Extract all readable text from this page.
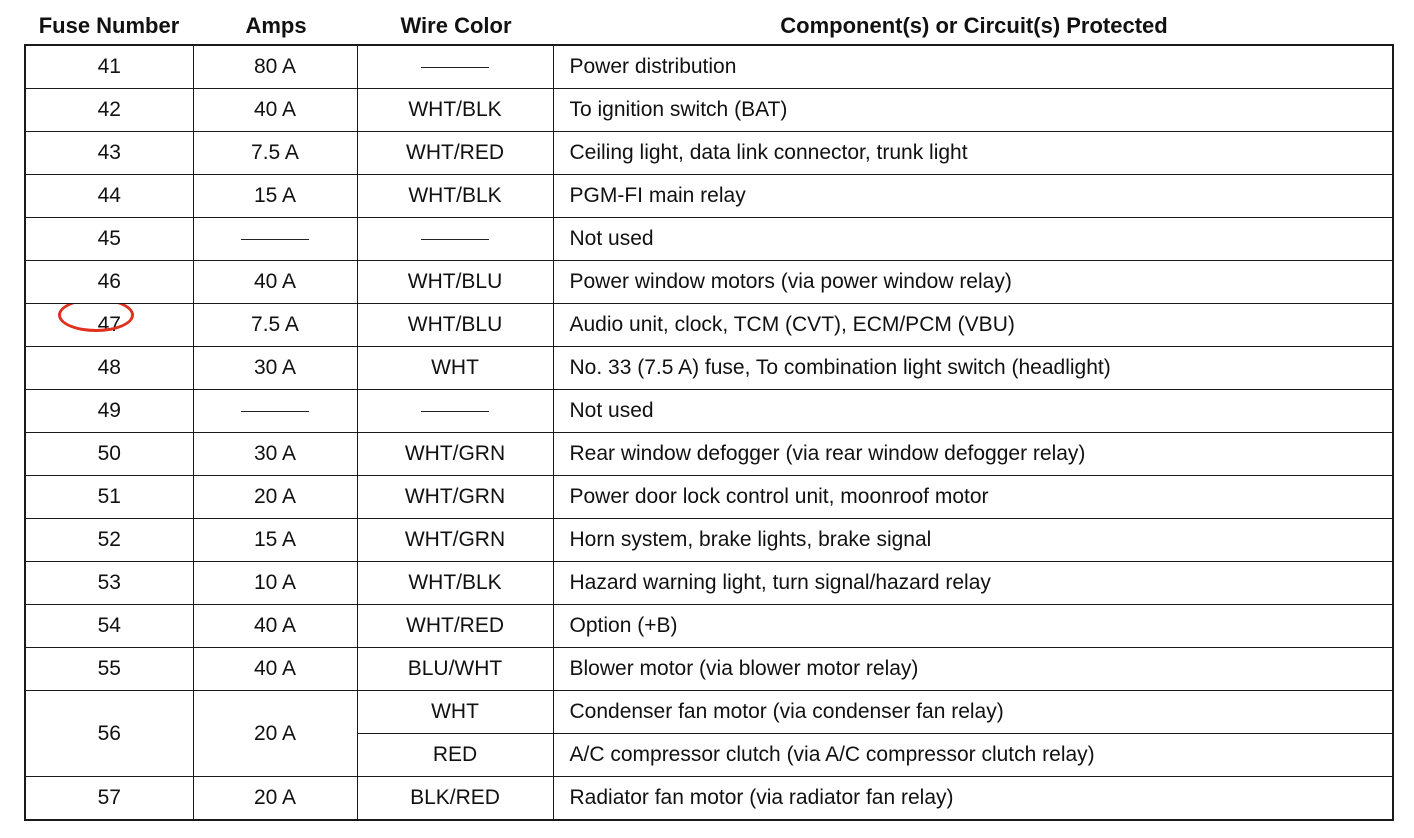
Fuse Number	Amps	Wire Color	Component(s) or Circuit(s) Protected
41	80 A		Power distribution
42	40 A	WHT/BLK	To ignition switch (BAT)
43	7.5 A	WHT/RED	Ceiling light, data link connector, trunk light
44	15 A	WHT/BLK	PGM-FI main relay
45			Not used
46	40 A	WHT/BLU	Power window motors (via power window relay)
47	7.5 A	WHT/BLU	Audio unit, clock, TCM (CVT), ECM/PCM (VBU)
48	30 A	WHT	No. 33 (7.5 A) fuse, To combination light switch (headlight)
49			Not used
50	30 A	WHT/GRN	Rear window defogger (via rear window defogger relay)
51	20 A	WHT/GRN	Power door lock control unit, moonroof motor
52	15 A	WHT/GRN	Horn system, brake lights, brake signal
53	10 A	WHT/BLK	Hazard warning light, turn signal/hazard relay
54	40 A	WHT/RED	Option (+B)
55	40 A	BLU/WHT	Blower motor (via blower motor relay)
56	20 A	WHT	Condenser fan motor (via condenser fan relay)
		RED	A/C compressor clutch (via A/C compressor clutch relay)
57	20 A	BLK/RED	Radiator fan motor (via radiator fan relay)
